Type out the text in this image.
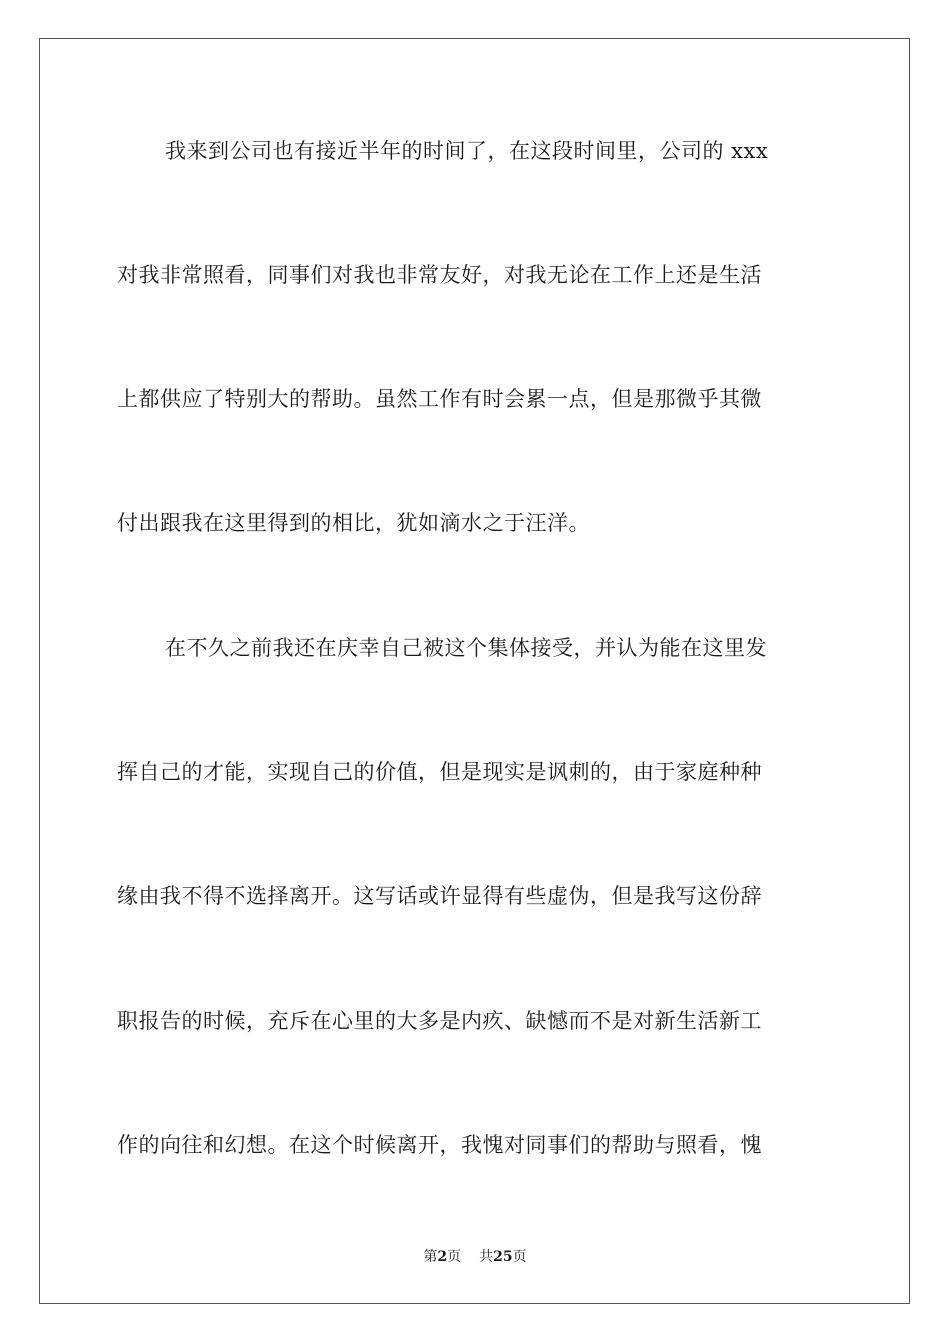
我来到公司也有接近半年的时间了，在这段时间里，公司的 xxx
对我非常照看，同事们对我也非常友好，对我无论在工作上还是生活
上都供应了特别大的帮助。虽然工作有时会累一点，但是那微乎其微
付出跟我在这里得到的相比，犹如滴水之于汪洋。
在不久之前我还在庆幸自己被这个集体接受，并认为能在这里发
挥自己的才能，实现自己的价值，但是现实是讽刺的，由于家庭种种
缘由我不得不选择离开。这写话或许显得有些虚伪，但是我写这份辞
职报告的时候，充斥在心里的大多是内疚、缺憾而不是对新生活新工
作的向往和幻想。在这个时候离开，我愧对同事们的帮助与照看，愧
第2页 共25页
